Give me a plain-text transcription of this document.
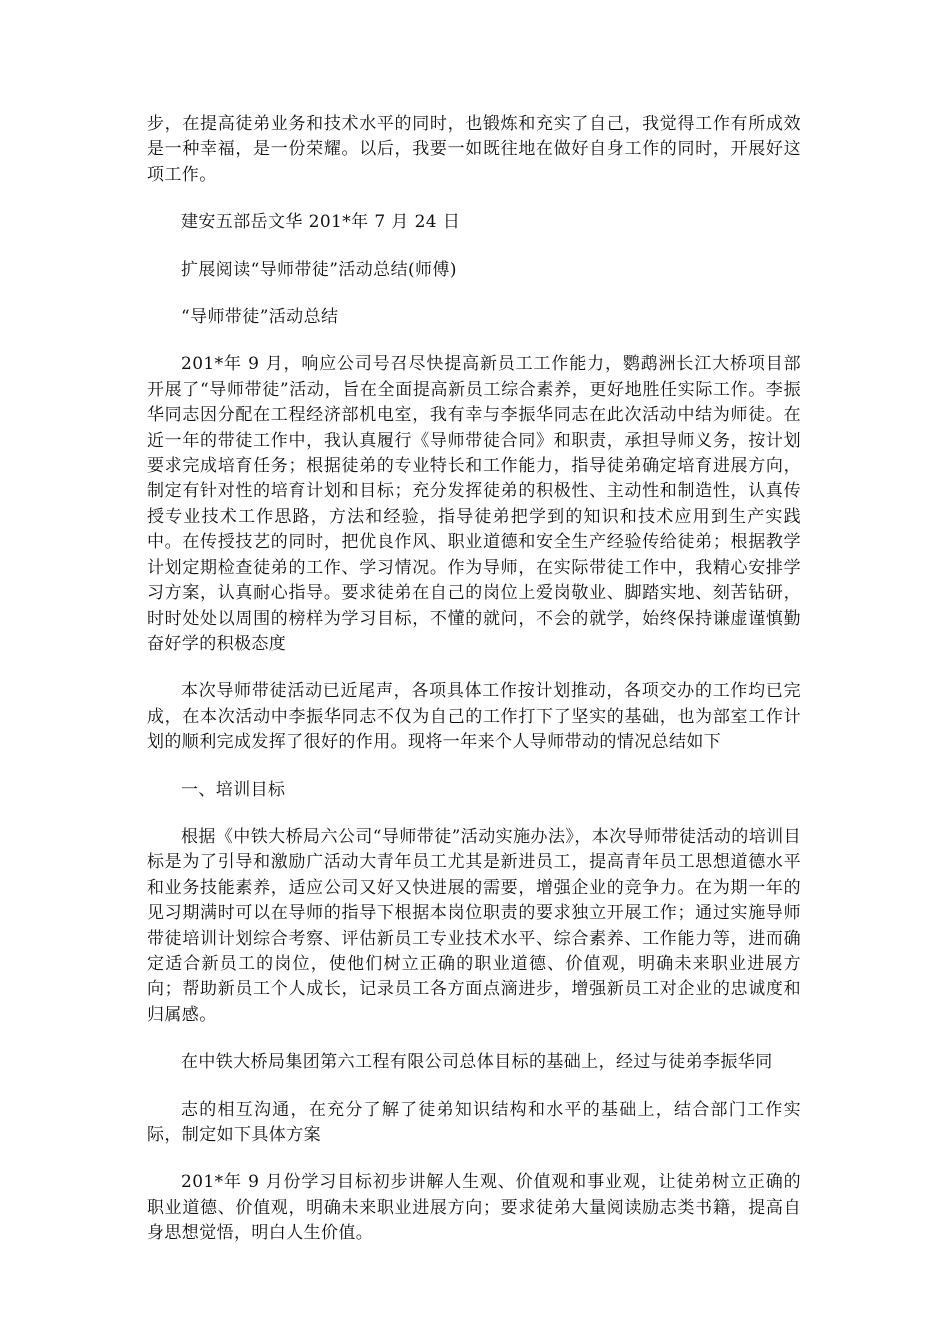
步，在提高徒弟业务和技术水平的同时，也锻炼和充实了自己，我觉得工作有所成效是一种幸福，是一份荣耀。以后，我要一如既往地在做好自身工作的同时，开展好这项工作。

建安五部岳文华 201*年 7 月 24 日

扩展阅读“导师带徒”活动总结(师傅)

“导师带徒”活动总结

201*年 9 月，响应公司号召尽快提高新员工工作能力，鹦鹉洲长江大桥项目部开展了“导师带徒”活动，旨在全面提高新员工综合素养，更好地胜任实际工作。李振华同志因分配在工程经济部机电室，我有幸与李振华同志在此次活动中结为师徒。在近一年的带徒工作中，我认真履行《导师带徒合同》和职责，承担导师义务，按计划要求完成培育任务；根据徒弟的专业特长和工作能力，指导徒弟确定培育进展方向，制定有针对性的培育计划和目标；充分发挥徒弟的积极性、主动性和制造性，认真传授专业技术工作思路，方法和经验，指导徒弟把学到的知识和技术应用到生产实践中。在传授技艺的同时，把优良作风、职业道德和安全生产经验传给徒弟；根据教学计划定期检查徒弟的工作、学习情况。作为导师，在实际带徒工作中，我精心安排学习方案，认真耐心指导。要求徒弟在自己的岗位上爱岗敬业、脚踏实地、刻苦钻研，时时处处以周围的榜样为学习目标，不懂的就问，不会的就学，始终保持谦虚谨慎勤奋好学的积极态度

本次导师带徒活动已近尾声，各项具体工作按计划推动，各项交办的工作均已完成，在本次活动中李振华同志不仅为自己的工作打下了坚实的基础，也为部室工作计划的顺利完成发挥了很好的作用。现将一年来个人导师带动的情况总结如下

一、培训目标

根据《中铁大桥局六公司“导师带徒”活动实施办法》，本次导师带徒活动的培训目标是为了引导和激励广活动大青年员工尤其是新进员工，提高青年员工思想道德水平和业务技能素养，适应公司又好又快进展的需要，增强企业的竞争力。在为期一年的见习期满时可以在导师的指导下根据本岗位职责的要求独立开展工作；通过实施导师带徒培训计划综合考察、评估新员工专业技术水平、综合素养、工作能力等，进而确定适合新员工的岗位，使他们树立正确的职业道德、价值观，明确未来职业进展方向；帮助新员工个人成长，记录员工各方面点滴进步，增强新员工对企业的忠诚度和归属感。

在中铁大桥局集团第六工程有限公司总体目标的基础上，经过与徒弟李振华同

志的相互沟通，在充分了解了徒弟知识结构和水平的基础上，结合部门工作实际，制定如下具体方案

201*年 9 月份学习目标初步讲解人生观、价值观和事业观，让徒弟树立正确的职业道德、价值观，明确未来职业进展方向；要求徒弟大量阅读励志类书籍，提高自身思想觉悟，明白人生价值。
